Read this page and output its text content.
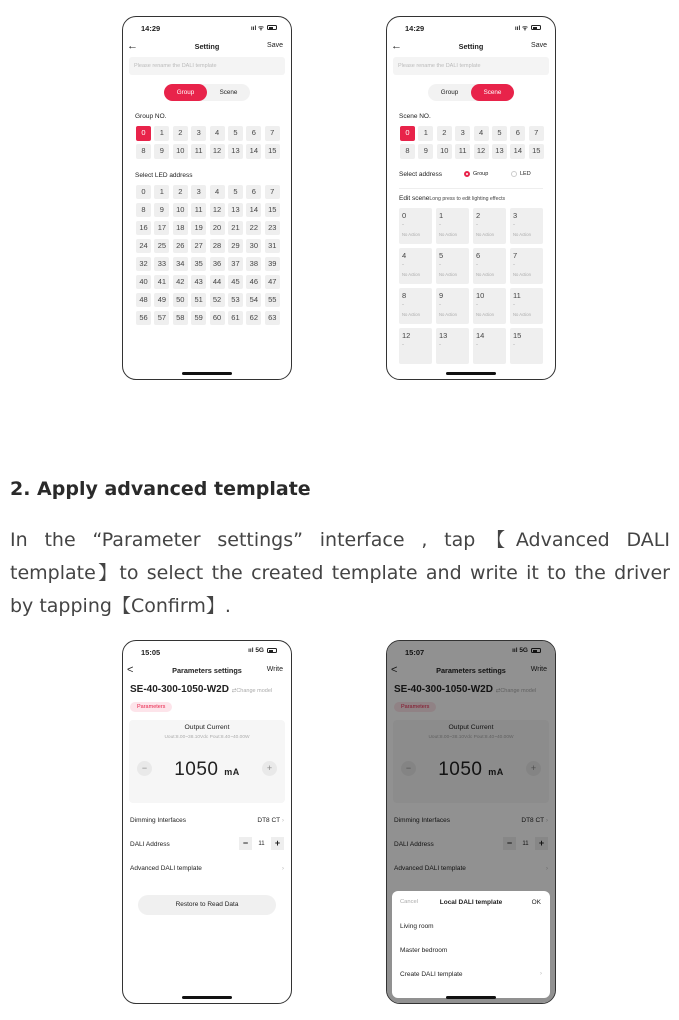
14:29	ııl ᯤ
←	Setting	Save
Please rename the DALI template
Group	Scene
Group NO.
0	1	2	3	4	5	6	7
8	9	10	11	12	13	14	15
Select LED address
0	1	2	3	4	5	6	7
8	9	10	11	12	13	14	15
16	17	18	19	20	21	22	23
24	25	26	27	28	29	30	31
32	33	34	35	36	37	38	39
40	41	42	43	44	45	46	47
48	49	50	51	52	53	54	55
56	57	58	59	60	61	62	63
14:29	ııl ᯤ
←	Setting	Save
Please rename the DALI template
Group	Scene
Scene NO.
0	1	2	3	4	5	6	7
8	9	10	11	12	13	14	15
Select address	Group	LED
Edit sceneLong press to edit lighting effects
0
-
No Action
1
-
No Action
2
-
No Action
3
-
No Action
4
-
No Action
5
-
No Action
6
-
No Action
7
-
No Action
8
-
No Action
9
-
No Action
10
-
No Action
11
-
No Action
12
-
13
-
14
-
15
-
2. Apply advanced template
In the “Parameter settings” interface , tap【Advanced DALI template】to select the created template and write it to the driver by tapping【Confirm】.
15:05	ııl 5G
<	Parameters settings	Write
SE-40-300-1050-W2D ⇄Change model
Parameters
Output Current
Uout:8.00~38.10Vdc Pout:8.40~40.00W
−	1050 mA	+
Dimming Interfaces	DT8 CT ›
DALI Address	−	11	+
Advanced DALI template	›
Restore to Read Data
15:07	ııl 5G
<	Parameters settings	Write
SE-40-300-1050-W2D ⇄Change model
Parameters
Output Current
Uout:8.00~38.10Vdc Pout:8.40~40.00W
−	1050 mA	+
Dimming Interfaces	DT8 CT ›
DALI Address	−	11	+
Advanced DALI template	›
Cancel	Local DALI template	OK
Living room
Master bedroom
Create DALI template	›
